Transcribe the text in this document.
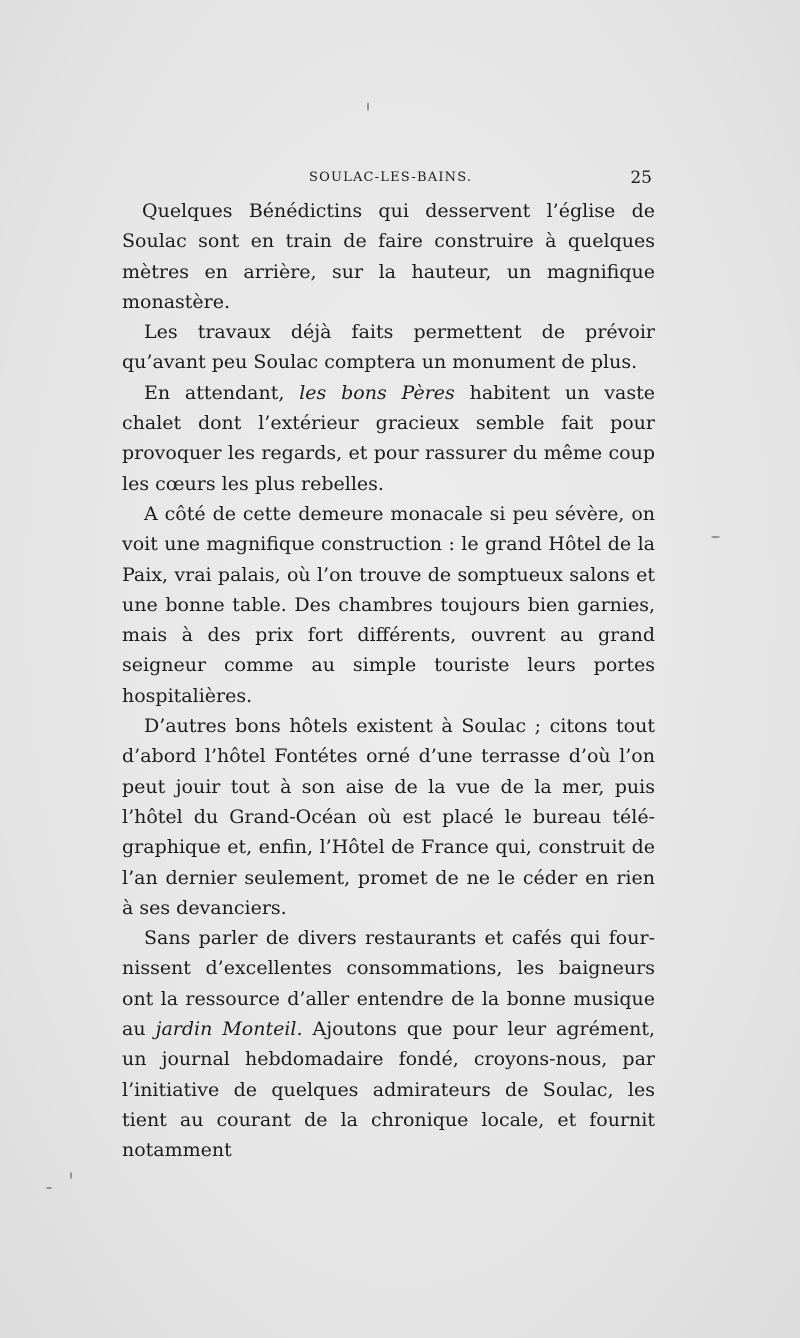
SOULAC-LES-BAINS.	25

Quelques Bénédictins qui desservent l’église de Soulac sont en train de faire construire à quelques mètres en arrière, sur la hauteur, un magnifique monastère.

Les travaux déjà faits permettent de prévoir qu’avant peu Soulac comptera un monument de plus.

En attendant, les bons Pères habitent un vaste chalet dont l’extérieur gracieux semble fait pour provoquer les regards, et pour rassurer du même coup les cœurs les plus rebelles.

A côté de cette demeure monacale si peu sévère, on voit une magnifique construction : le grand Hôtel de la Paix, vrai palais, où l’on trouve de somptueux salons et une bonne table. Des chambres toujours bien garnies, mais à des prix fort différents, ouvrent au grand seigneur comme au simple touriste leurs portes hospitalières.

D’autres bons hôtels existent à Soulac ; citons tout d’abord l’hôtel Fontétes orné d’une terrasse d’où l’on peut jouir tout à son aise de la vue de la mer, puis l’hôtel du Grand-Océan où est placé le bureau télégraphique et, enfin, l’Hôtel de France qui, construit de l’an dernier seulement, promet de ne le céder en rien à ses devanciers.

Sans parler de divers restaurants et cafés qui fournissent d’excellentes consommations, les baigneurs ont la ressource d’aller entendre de la bonne musique au jardin Monteil. Ajoutons que pour leur agrément, un journal hebdomadaire fondé, croyons-nous, par l’initiative de quelques admirateurs de Soulac, les tient au courant de la chronique locale, et fournit notamment
